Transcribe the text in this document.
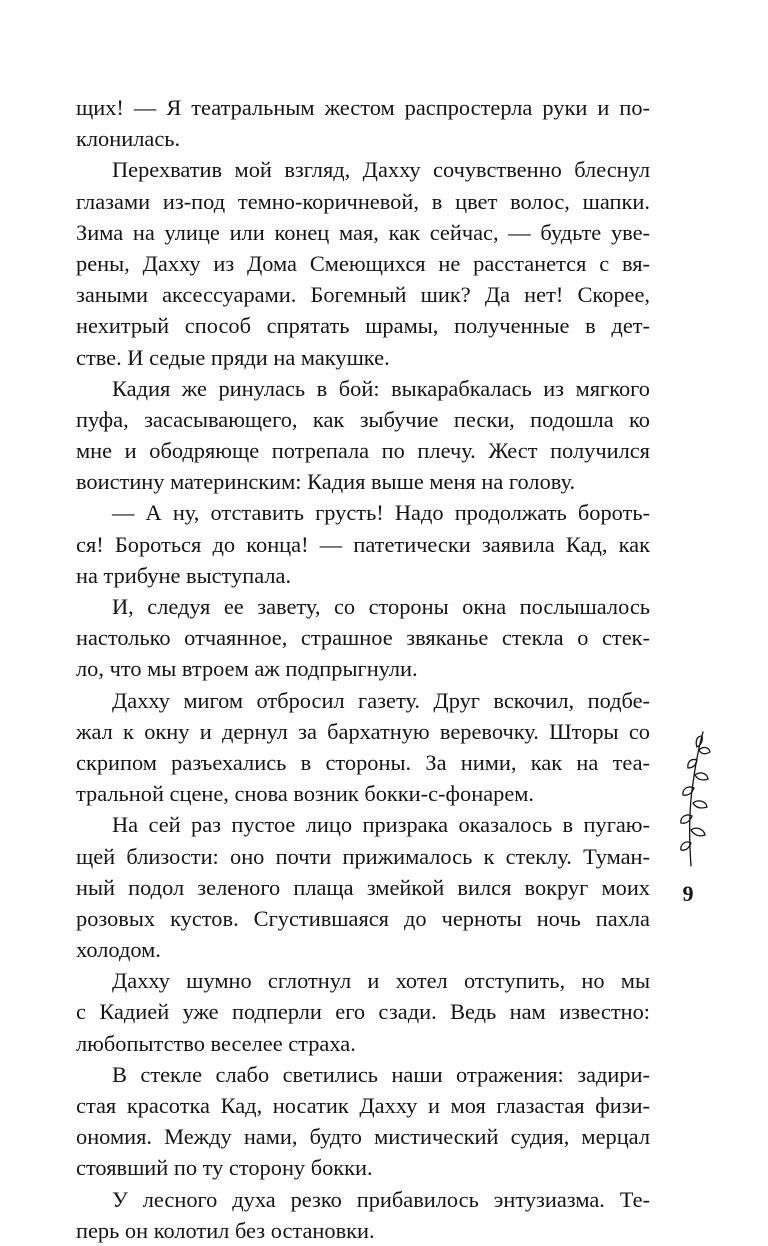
щих! — Я театральным жестом распростерла руки и по-
клонилась.
Перехватив мой взгляд, Дахху сочувственно блеснул
глазами из-под темно-коричневой, в цвет волос, шапки.
Зима на улице или конец мая, как сейчас, — будьте уве-
рены, Дахху из Дома Смеющихся не расстанется с вя-
заными аксессуарами. Богемный шик? Да нет! Скорее,
нехитрый способ спрятать шрамы, полученные в дет-
стве. И седые пряди на макушке.
Кадия же ринулась в бой: выкарабкалась из мягкого
пуфа, засасывающего, как зыбучие пески, подошла ко
мне и ободряюще потрепала по плечу. Жест получился
воистину материнским: Кадия выше меня на голову.
— А ну, отставить грусть! Надо продолжать бороть-
ся! Бороться до конца! — патетически заявила Кад, как
на трибуне выступала.
И, следуя ее завету, со стороны окна послышалось
настолько отчаянное, страшное звяканье стекла о стек-
ло, что мы втроем аж подпрыгнули.
Дахху мигом отбросил газету. Друг вскочил, подбе-
жал к окну и дернул за бархатную веревочку. Шторы со
скрипом разъехались в стороны. За ними, как на теа-
тральной сцене, снова возник бокки-с-фонарем.
На сей раз пустое лицо призрака оказалось в пугаю-
щей близости: оно почти прижималось к стеклу. Туман-
ный подол зеленого плаща змейкой вился вокруг моих
розовых кустов. Сгустившаяся до черноты ночь пахла
холодом.
Дахху шумно сглотнул и хотел отступить, но мы
с Кадией уже подперли его сзади. Ведь нам известно:
любопытство веселее страха.
В стекле слабо светились наши отражения: задири-
стая красотка Кад, носатик Дахху и моя глазастая физи-
ономия. Между нами, будто мистический судия, мерцал
стоявший по ту сторону бокки.
У лесного духа резко прибавилось энтузиазма. Те-
перь он колотил без остановки.
9
